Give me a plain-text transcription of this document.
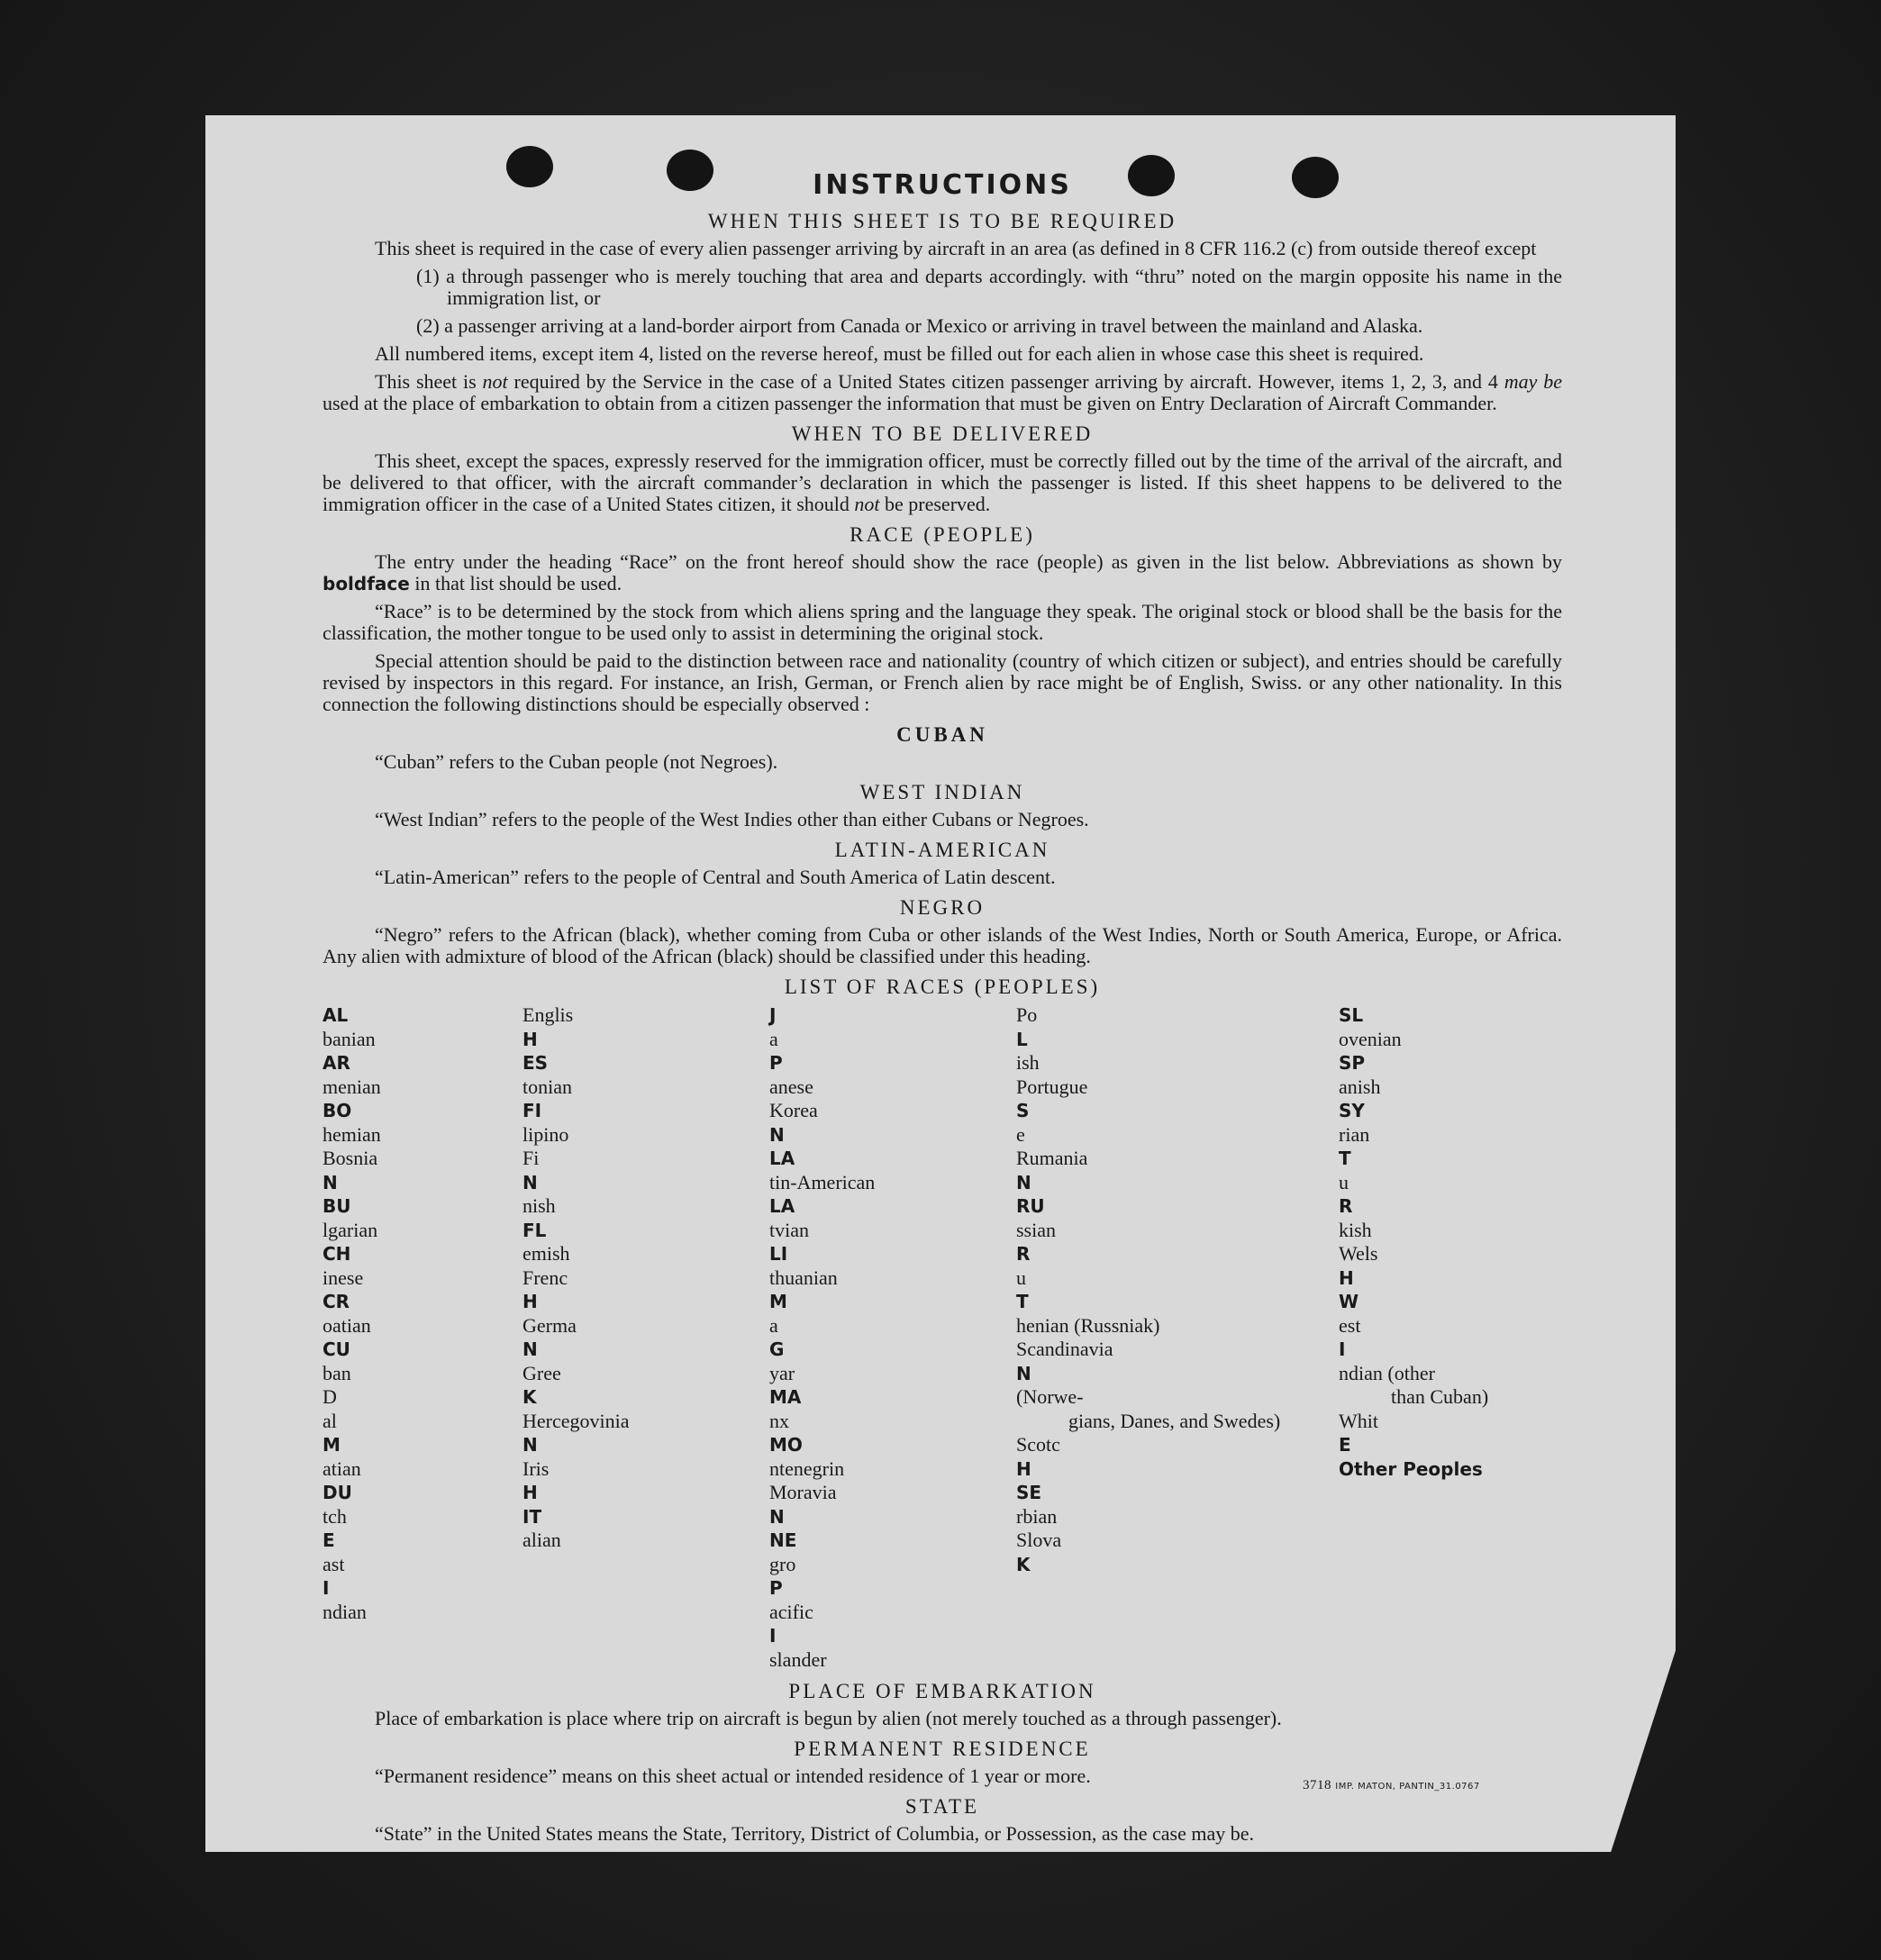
INSTRUCTIONS
WHEN THIS SHEET IS TO BE REQUIRED

This sheet is required in the case of every alien passenger arriving by aircraft in an area (as defined in 8 CFR 116.2 (c) from outside thereof except

(1) a through passenger who is merely touching that area and departs accordingly. with “thru” noted on the margin opposite his name in the immigration list, or
(2) a passenger arriving at a land-border airport from Canada or Mexico or arriving in travel between the mainland and Alaska.

All numbered items, except item 4, listed on the reverse hereof, must be filled out for each alien in whose case this sheet is required.

This sheet is not required by the Service in the case of a United States citizen passenger arriving by aircraft. However, items 1, 2, 3, and 4 may be used at the place of embarkation to obtain from a citizen passenger the information that must be given on Entry Declaration of Aircraft Commander.

WHEN TO BE DELIVERED

This sheet, except the spaces, expressly reserved for the immigration officer, must be correctly filled out by the time of the arrival of the aircraft, and be delivered to that officer, with the aircraft commander’s declaration in which the passenger is listed. If this sheet happens to be delivered to the immigration officer in the case of a United States citizen, it should not be preserved.

RACE (PEOPLE)

The entry under the heading “Race” on the front hereof should show the race (people) as given in the list below. Abbreviations as shown by boldface in that list should be used.

“Race” is to be determined by the stock from which aliens spring and the language they speak. The original stock or blood shall be the basis for the classification, the mother tongue to be used only to assist in determining the original stock.

Special attention should be paid to the distinction between race and nationality (country of which citizen or subject), and entries should be carefully revised by inspectors in this regard. For instance, an Irish, German, or French alien by race might be of English, Swiss. or any other nationality. In this connection the following distinctions should be especially observed :

CUBAN

“Cuban” refers to the Cuban people (not Negroes).

WEST INDIAN

“West Indian” refers to the people of the West Indies other than either Cubans or Negroes.

LATIN-AMERICAN

“Latin-American” refers to the people of Central and South America of Latin descent.

NEGRO

“Negro” refers to the African (black), whether coming from Cuba or other islands of the West Indies, North or South America, Europe, or Africa. Any alien with admixture of blood of the African (black) should be classified under this heading.

LIST OF RACES (PEOPLES)
AL
banian
AR
menian
BO
hemian
Bosnia
N
BU
lgarian
CH
inese
CR
oatian
CU
ban
D
al
M
atian
DU
tch
E
ast
I
ndian
Englis
H
ES
tonian
FI
lipino
Fi
N
nish
FL
emish
Frenc
H
Germa
N
Gree
K
Hercegovinia
N
Iris
H
IT
alian
J
a
P
anese
Korea
N
LA
tin-American
LA
tvian
LI
thuanian
M
a
G
yar
MA
nx
MO
ntenegrin
Moravia
N
NE
gro
P
acific
I
slander
Po
L
ish
Portugue
S
e
Rumania
N
RU
ssian
R
u
T
henian (Russniak)
Scandinavia
N
(Norwe-
gians, Danes, and Swedes)
Scotc
H
SE
rbian
Slova
K
SL
ovenian
SP
anish
SY
rian
T
u
R
kish
Wels
H
W
est
I
ndian (other
than Cuban)
Whit
E
Other Peoples
PLACE OF EMBARKATION

Place of embarkation is place where trip on aircraft is begun by alien (not merely touched as a through passenger).

PERMANENT RESIDENCE

“Permanent residence” means on this sheet actual or intended residence of 1 year or more.

STATE

“State” in the United States means the State, Territory, District of Columbia, or Possession, as the case may be.

3718 IMP. MATON, PANTIN_31.0767
